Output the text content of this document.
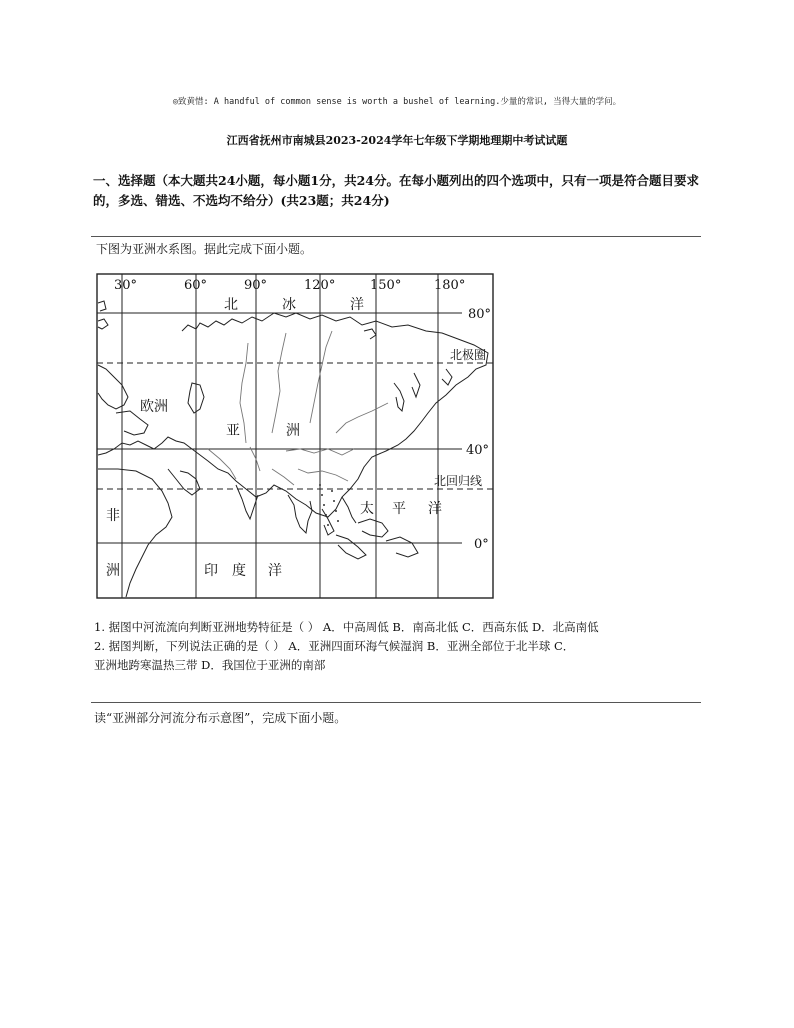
◎致黄惜: A handful of common sense is worth a bushel of learning.少量的常识, 当得大量的学问。
江西省抚州市南城县2023-2024学年七年级下学期地理期中考试试题
一、选择题（本大题共24小题，每小题1分，共24分。在每小题列出的四个选项中，只有一项是符合题目要求的，多选、错选、不选均不给分）(共23题；共24分)
下图为亚洲水系图。据此完成下面小题。
30°	60°	90°	120°	150°	180°
80°
40°
0°
北极圈
北回归线
北	冰	洋
欧洲
亚	洲
非
洲
太 平 洋
印 度 洋
1. 据图中河流流向判断亚洲地势特征是（ ） A．中高周低 B．南高北低 C．西高东低 D．北高南低
2. 据图判断，下列说法正确的是（ ） A．亚洲四面环海气候湿润 B．亚洲全部位于北半球 C．
亚洲地跨寒温热三带 D．我国位于亚洲的南部
读“亚洲部分河流分布示意图”，完成下面小题。
